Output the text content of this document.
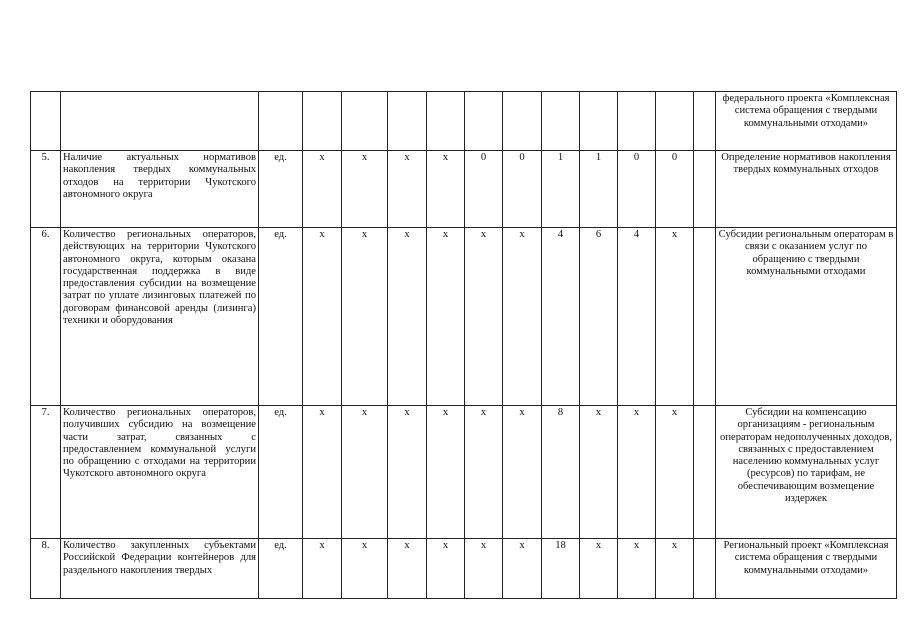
														федерального проекта «Комплексная система обращения с твердыми коммунальными отходами»
5.	Наличие актуальных нормативов накопления твердых коммунальных отходов на территории Чукотского автономного округа	ед.	x	x	x	x	0	0	1	1	0	0		Определение нормативов накопления твердых коммунальных отходов
6.	Количество региональных операторов, действующих на территории Чукотского автономного округа, которым оказана государственная поддержка в виде предоставления субсидии на возмещение затрат по уплате лизинговых платежей по договорам финансовой аренды (лизинга) техники и оборудования	ед.	x	x	x	x	x	x	4	6	4	x		Субсидии региональным операторам в связи с оказанием услуг по обращению с твердыми коммунальными отходами
7.	Количество региональных операторов, получивших субсидию на возмещение части затрат, связанных с предоставлением коммунальной услуги по обращению с отходами на территории Чукотского автономного округа	ед.	x	x	x	x	x	x	8	x	x	x		Субсидии на компенсацию организациям - региональным операторам недополученных доходов, связанных с предоставлением населению коммунальных услуг (ресурсов) по тарифам, не обеспечивающим возмещение издержек
8.	Количество закупленных субъектами Российской Федерации контейнеров для раздельного накопления твердых	ед.	x	x	x	x	x	x	18	x	x	x		Региональный проект «Комплексная система обращения с твердыми коммунальными отходами»
